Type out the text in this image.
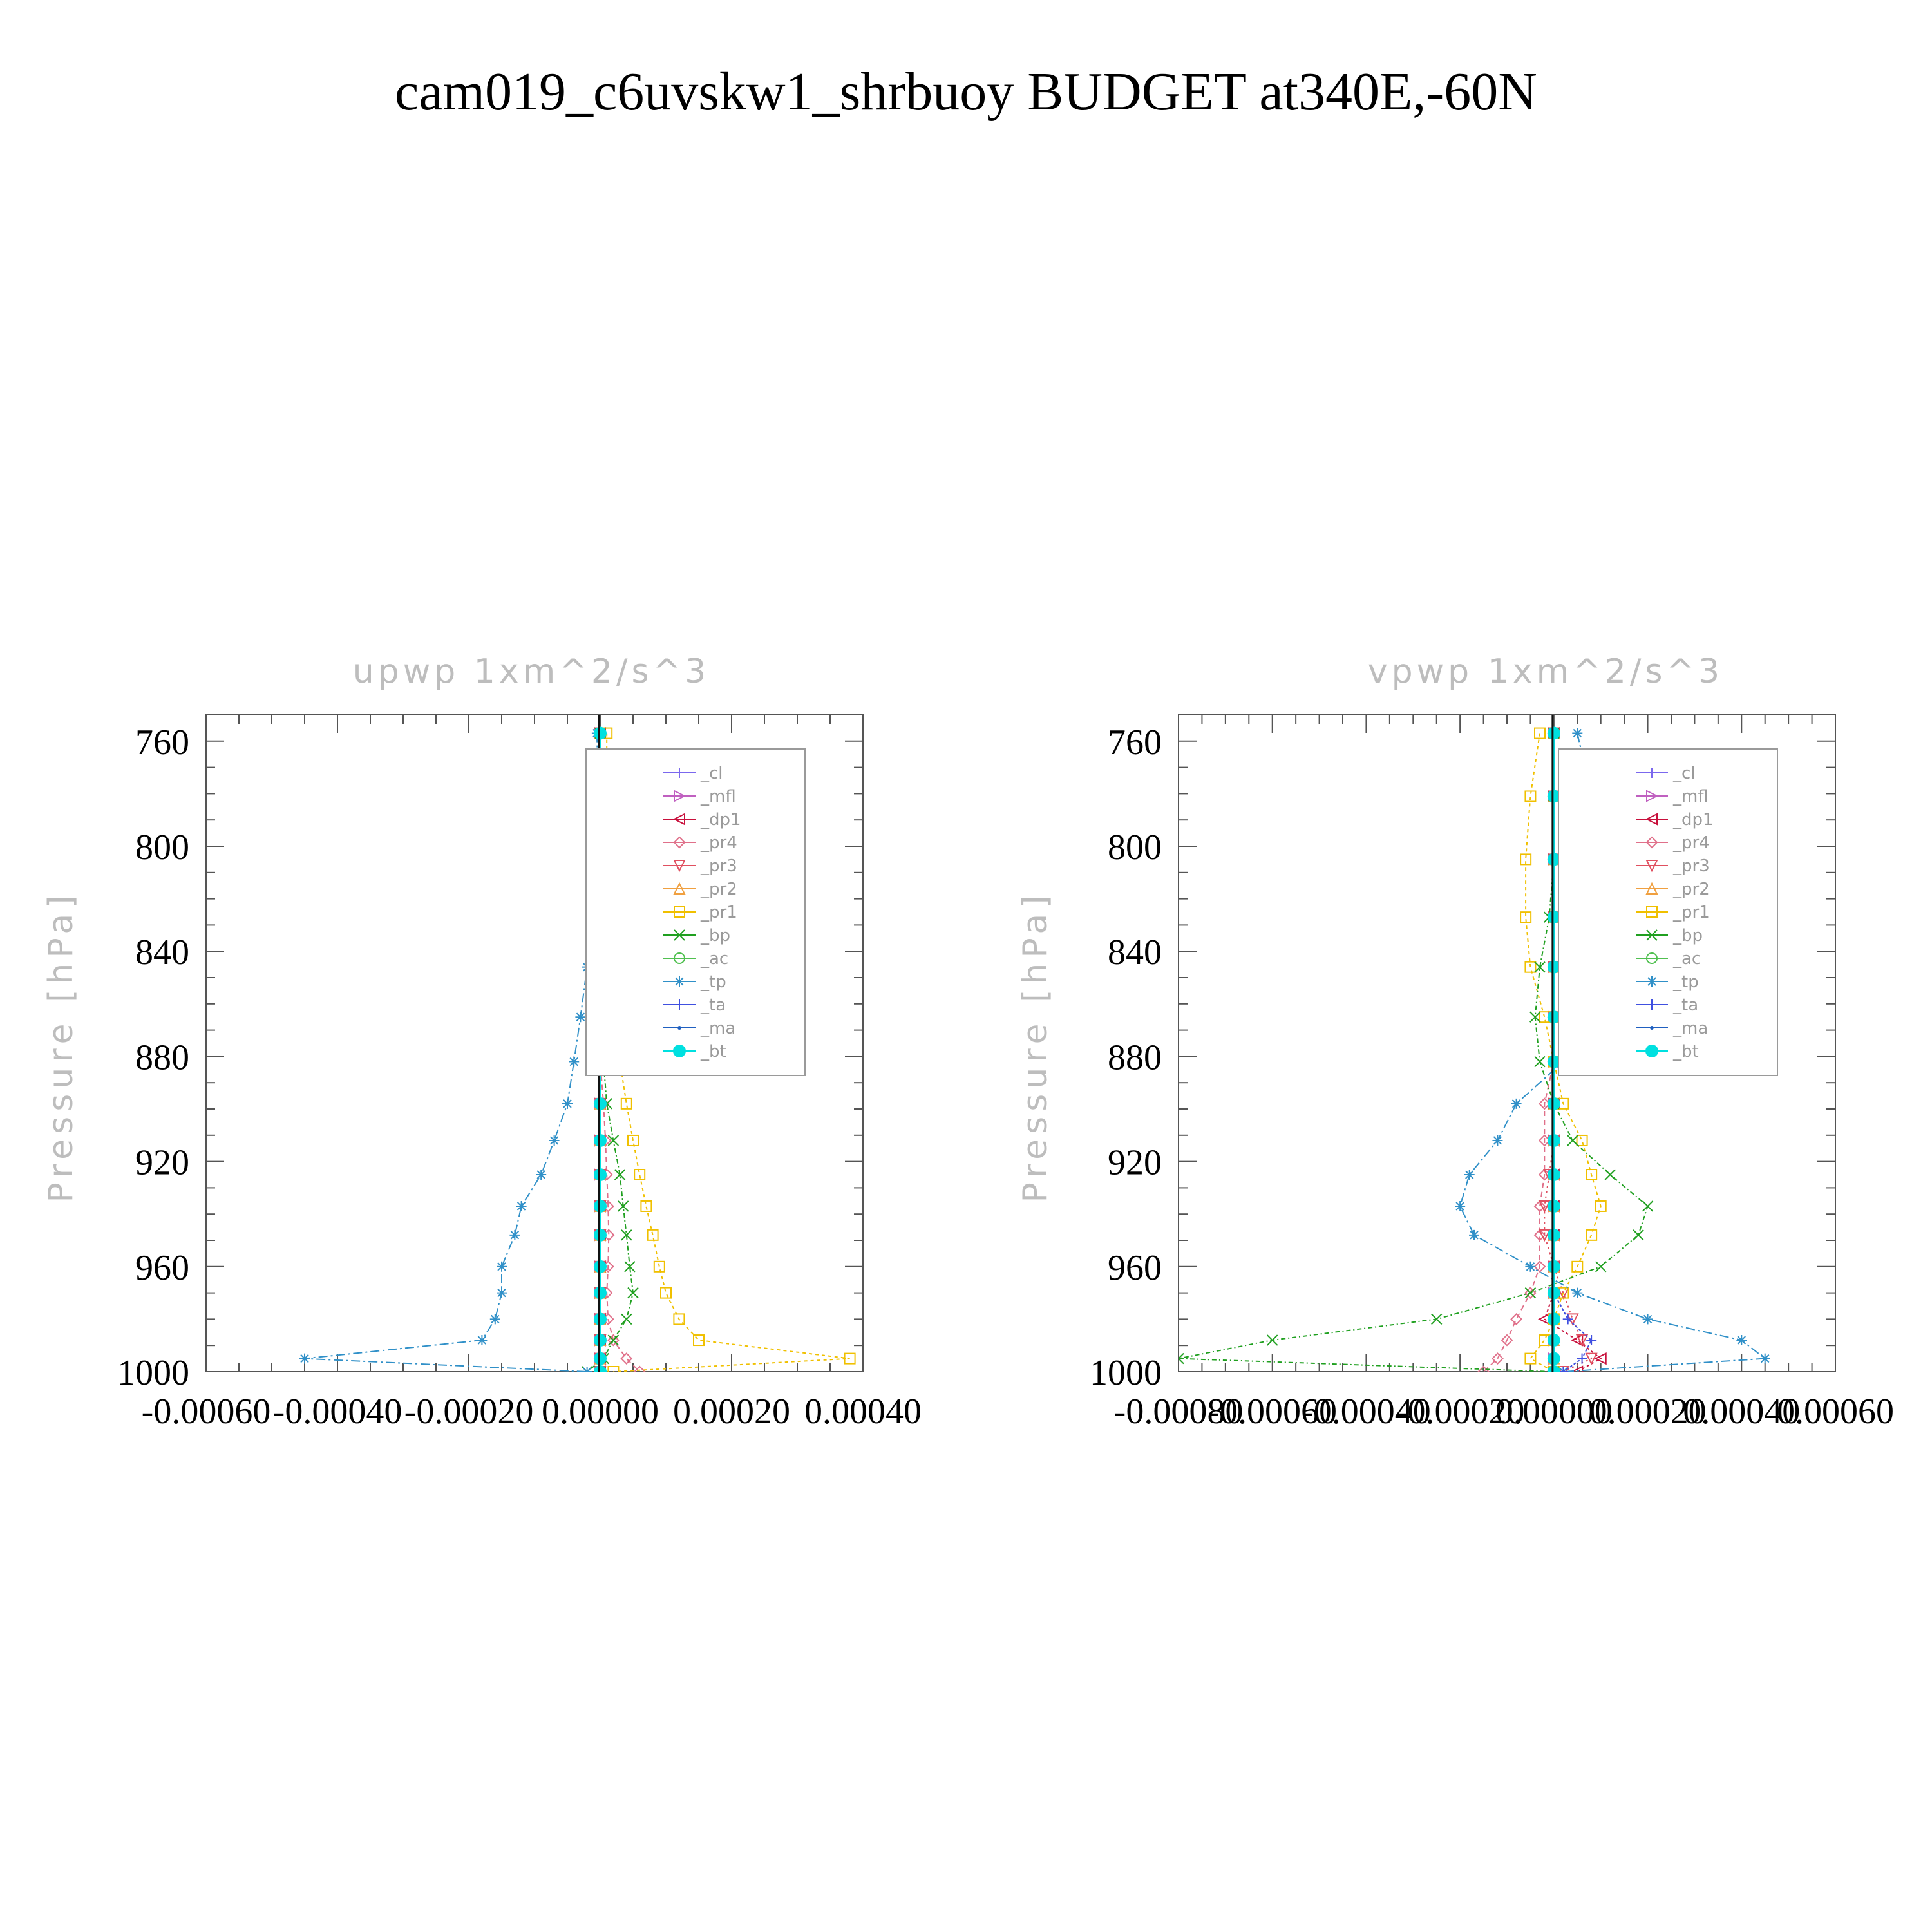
cam019_c6uvskw1_shrbuoy BUDGET at340E,-60N
upwp 1xm^2/s^3
Pressure [hPa]
760
800
840
880
920
960
1000
-0.00060 -0.00040 -0.00020 0.00000 0.00020 0.00040
_cl
_mfl
_dp1
_pr4
_pr3
_pr2
_pr1
_bp
_ac
_tp
_ta
_ma
_bt
vpwp 1xm^2/s^3
Pressure [hPa]
760
800
840
880
920
960
1000
-0.00080
-0.00060
-0.00040
-0.00020
0.00000
0.00020
0.00040
0.00060
_cl
_mfl
_dp1
_pr4
_pr3
_pr2
_pr1
_bp
_ac
_tp
_ta
_ma
_bt
